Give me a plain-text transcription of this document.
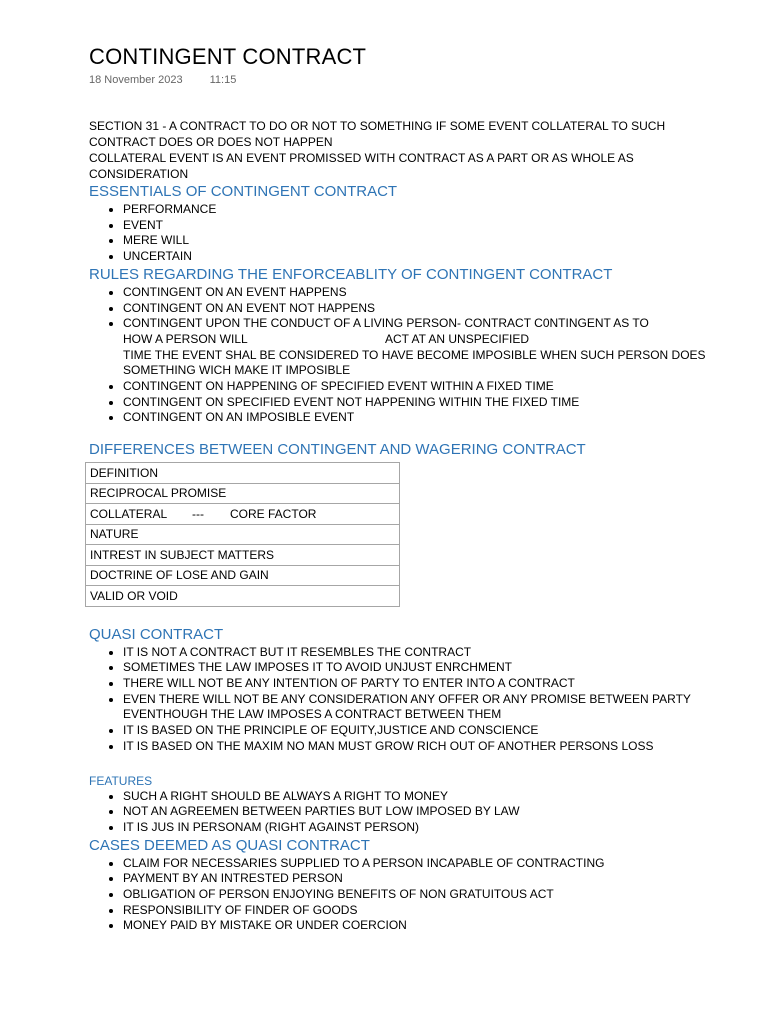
CONTINGENT CONTRACT
18 November 2023 11:15

SECTION 31 - A CONTRACT TO DO OR NOT TO SOMETHING IF SOME EVENT COLLATERAL TO SUCH CONTRACT DOES OR DOES NOT HAPPEN

COLLATERAL EVENT IS AN EVENT PROMISSED WITH CONTRACT AS A PART OR AS WHOLE AS CONSIDERATION

ESSENTIALS OF CONTINGENT CONTRACT
• PERFORMANCE
• EVENT
• MERE WILL
• UNCERTAIN
RULES REGARDING THE ENFORCEABLITY OF CONTINGENT CONTRACT
• CONTINGENT ON AN EVENT HAPPENS
• CONTINGENT ON AN EVENT NOT HAPPENS
• CONTINGENT UPON THE CONDUCT OF A LIVING PERSON- CONTRACT C0NTINGENT AS TO
HOW A PERSON WILL	ACT AT AN UNSPECIFIED
TIME THE EVENT SHAL BE CONSIDERED TO HAVE BECOME IMPOSIBLE WHEN SUCH PERSON DOES SOMETHING WICH MAKE IT IMPOSIBLE
• CONTINGENT ON HAPPENING OF SPECIFIED EVENT WITHIN A FIXED TIME
• CONTINGENT ON SPECIFIED EVENT NOT HAPPENING WITHIN THE FIXED TIME
• CONTINGENT ON AN IMPOSIBLE EVENT
DIFFERENCES BETWEEN CONTINGENT AND WAGERING CONTRACT
DEFINITION
RECIPROCAL PROMISE
COLLATERAL --- CORE FACTOR
NATURE
INTREST IN SUBJECT MATTERS
DOCTRINE OF LOSE AND GAIN
VALID OR VOID
QUASI CONTRACT
• IT IS NOT A CONTRACT BUT IT RESEMBLES THE CONTRACT
• SOMETIMES THE LAW IMPOSES IT TO AVOID UNJUST ENRCHMENT
• THERE WILL NOT BE ANY INTENTION OF PARTY TO ENTER INTO A CONTRACT
• EVEN THERE WILL NOT BE ANY CONSIDERATION ANY OFFER OR ANY PROMISE BETWEEN PARTY EVENTHOUGH THE LAW IMPOSES A CONTRACT BETWEEN THEM
• IT IS BASED ON THE PRINCIPLE OF EQUITY,JUSTICE AND CONSCIENCE
• IT IS BASED ON THE MAXIM NO MAN MUST GROW RICH OUT OF ANOTHER PERSONS LOSS
FEATURES
• SUCH A RIGHT SHOULD BE ALWAYS A RIGHT TO MONEY
• NOT AN AGREEMEN BETWEEN PARTIES BUT LOW IMPOSED BY LAW
• IT IS JUS IN PERSONAM (RIGHT AGAINST PERSON)
CASES DEEMED AS QUASI CONTRACT
• CLAIM FOR NECESSARIES SUPPLIED TO A PERSON INCAPABLE OF CONTRACTING
• PAYMENT BY AN INTRESTED PERSON
• OBLIGATION OF PERSON ENJOYING BENEFITS OF NON GRATUITOUS ACT
• RESPONSIBILITY OF FINDER OF GOODS
• MONEY PAID BY MISTAKE OR UNDER COERCION
